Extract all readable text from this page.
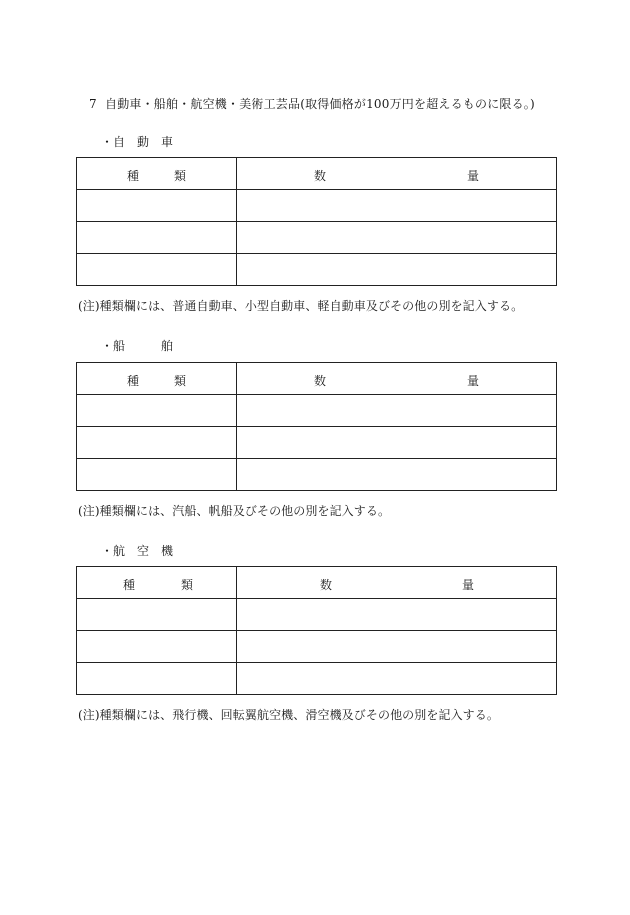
7 自動車・船舶・航空機・美術工芸品(取得価格が100万円を超えるものに限る。)
・自　動　車
種 類	数 量

(注)種類欄には、普通自動車、小型自動車、軽自動車及びその他の別を記入する。
・船　　　舶
種 類	数 量

(注)種類欄には、汽船、帆船及びその他の別を記入する。
・航　空　機
種 類	数 量

(注)種類欄には、飛行機、回転翼航空機、滑空機及びその他の別を記入する。
